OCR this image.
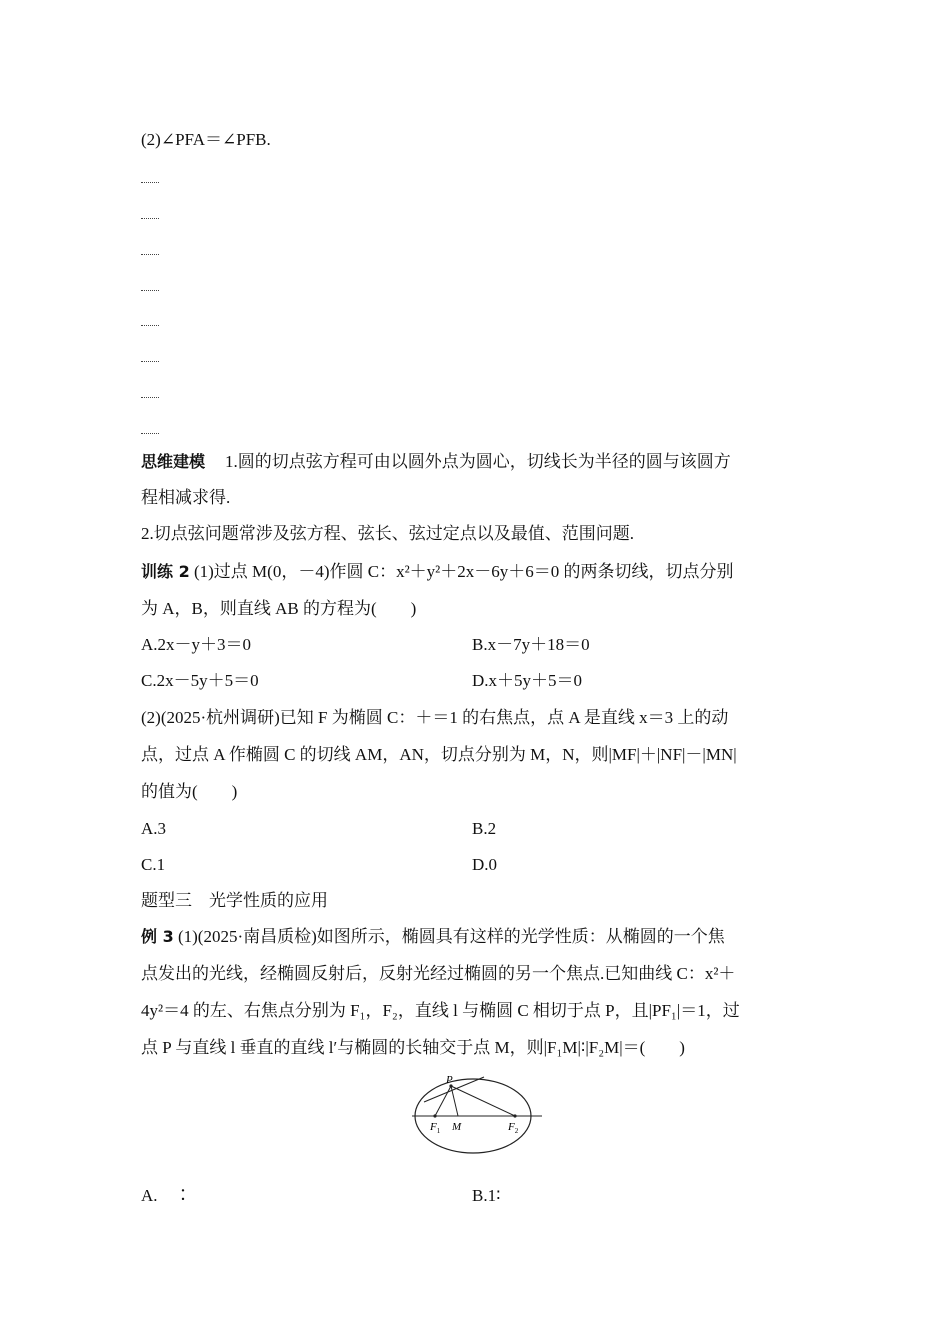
(2)∠PFA＝∠PFB.
思维建模 1.圆的切点弦方程可由以圆外点为圆心，切线长为半径的圆与该圆方
程相减求得.
2.切点弦问题常涉及弦方程、弦长、弦过定点以及最值、范围问题.
训练 2 (1)过点 M(0，－4)作圆 C：x²＋y²＋2x－6y＋6＝0 的两条切线，切点分别
为 A，B，则直线 AB 的方程为(　　)
A.2x－y＋3＝0	B.x－7y＋18＝0
C.2x－5y＋5＝0	D.x＋5y＋5＝0
(2)(2025·杭州调研)已知 F 为椭圆 C：＋＝1 的右焦点，点 A 是直线 x＝3 上的动
点，过点 A 作椭圆 C 的切线 AM，AN，切点分别为 M，N，则|MF|＋|NF|－|MN|
的值为(　　)
A.3	B.2
C.1	D.0
题型三　光学性质的应用
例 3 (1)(2025·南昌质检)如图所示，椭圆具有这样的光学性质：从椭圆的一个焦
点发出的光线，经椭圆反射后，反射光经过椭圆的另一个焦点.已知曲线 C：x²＋
4y²＝4 的左、右焦点分别为 F₁，F₂，直线 l 与椭圆 C 相切于点 P，且|PF₁|＝1，过
点 P 与直线 l 垂直的直线 l′与椭圆的长轴交于点 M，则|F₁M|∶|F₂M|＝(　　)
P
$F_1$ M	$F_2$
A.　∶	B.1∶
